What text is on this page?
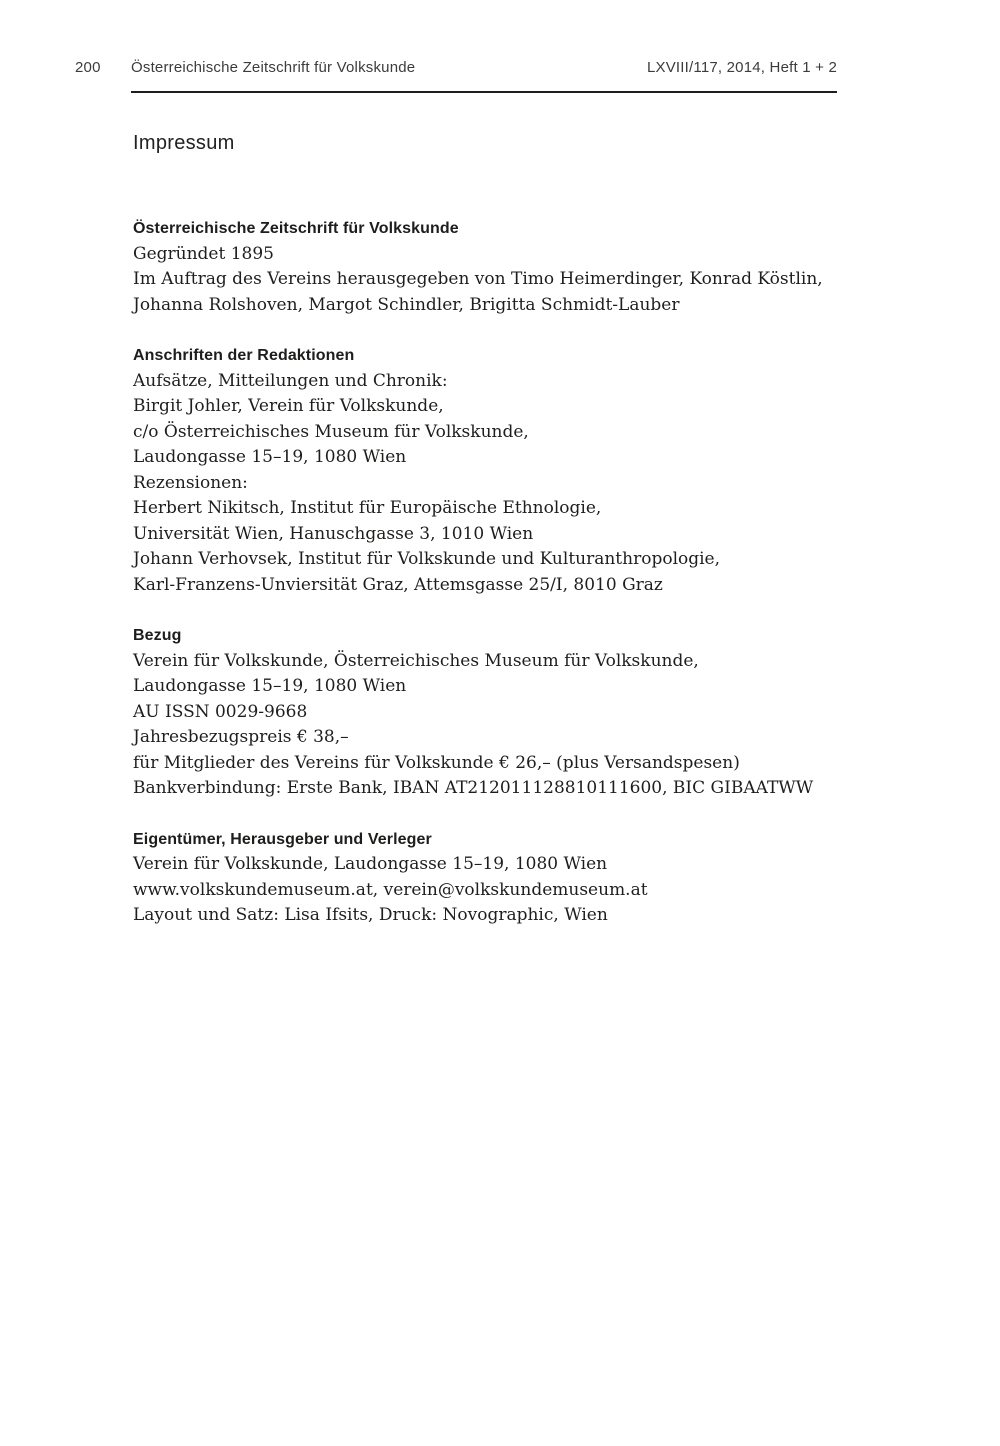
200 Österreichische Zeitschrift für Volkskunde	LXVIII/117, 2014, Heft 1 + 2
Impressum
Österreichische Zeitschrift für Volkskunde
Gegründet 1895
Im Auftrag des Vereins herausgegeben von Timo Heimerdinger, Konrad Köstlin,
Johanna Rolshoven, Margot Schindler, Brigitta Schmidt-Lauber
Anschriften der Redaktionen
Aufsätze, Mitteilungen und Chronik:
Birgit Johler, Verein für Volkskunde,
c/o Österreichisches Museum für Volkskunde,
Laudongasse 15–19, 1080 Wien
Rezensionen:
Herbert Nikitsch, Institut für Europäische Ethnologie,
Universität Wien, Hanuschgasse 3, 1010 Wien
Johann Verhovsek, Institut für Volkskunde und Kulturanthropologie,
Karl-Franzens-Unviersität Graz, Attemsgasse 25/I, 8010 Graz
Bezug
Verein für Volkskunde, Österreichisches Museum für Volkskunde,
Laudongasse 15–19, 1080 Wien
AU ISSN 0029-9668
Jahresbezugspreis € 38,–
für Mitglieder des Vereins für Volkskunde € 26,– (plus Versandspesen)
Bankverbindung: Erste Bank, IBAN AT212011128810111600, BIC GIBAATWW
Eigentümer, Herausgeber und Verleger
Verein für Volkskunde, Laudongasse 15–19, 1080 Wien
www.volkskundemuseum.at, verein@volkskundemuseum.at
Layout und Satz: Lisa Ifsits, Druck: Novographic, Wien
